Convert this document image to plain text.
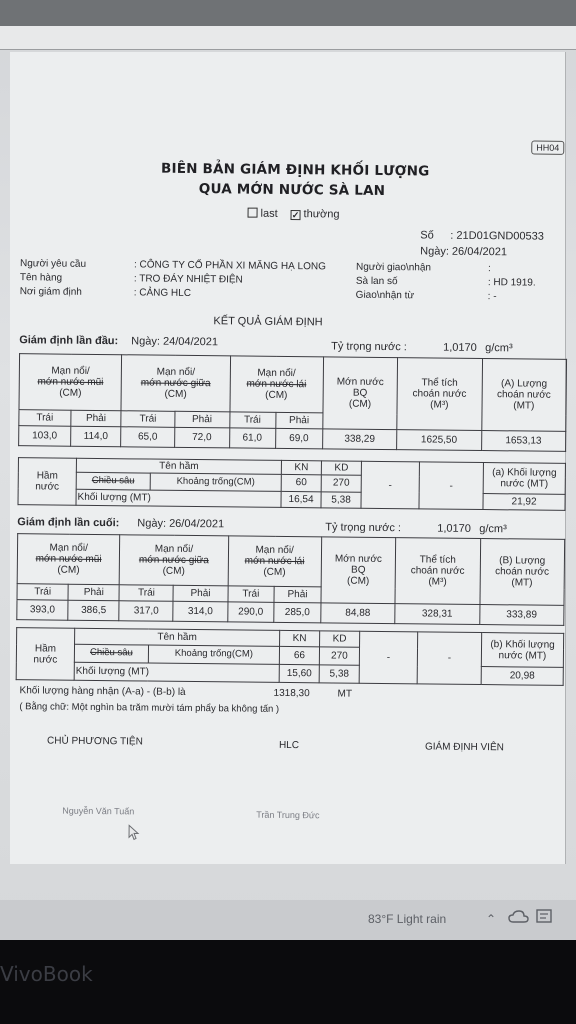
HH04
BIÊN BẢN GIÁM ĐỊNH KHỐI LƯỢNG
QUA MỚN NƯỚC SÀ LAN
last ✓ thường
Số : 21D01GND00533
Ngày: 26/04/2021
Người yêu cầu	: CÔNG TY CỔ PHẦN XI MĂNG HẠ LONG
Tên hàng	: TRO ĐÁY NHIỆT ĐIỆN
Nơi giám định	: CẢNG HLC
Người giao\nhận	:
Sà lan số	: HD 1919.
Giao\nhận từ	: -
KẾT QUẢ GIÁM ĐỊNH
Giám định lần đầu: Ngày: 24/04/2021	Tỷ trọng nước :	1,0170 g/cm³
Mạn nổi/
mớn nước mũi
(CM)		Mạn nổi/
mớn nước giữa
(CM)		Mạn nổi/
mớn nước lái
(CM)		Mớn nước
BQ
(CM)	Thể tích
choán nước
(M³)	(A) Lượng
choán nước
(MT)
Trái	Phải	Trái	Phải	Trái	Phải			
103,0	114,0	65,0	72,0	61,0	69,0	338,29	1625,50	1653,13
Hầm
nước	Tên hầm		KN	KD	-	-	(a) Khối lượng
nước (MT)
	Chiều sâu	Khoảng trống(CM)	60	270			
	Khối lượng (MT)		16,54	5,38			21,92
Giám định lần cuối: Ngày: 26/04/2021	Tỷ trọng nước :	1,0170 g/cm³
Mạn nổi/
mớn nước mũi
(CM)		Mạn nổi/
mớn nước giữa
(CM)		Mạn nổi/
mớn nước lái
(CM)		Mớn nước
BQ
(CM)	Thể tích
choán nước
(M³)	(B) Lượng
choán nước
(MT)
Trái	Phải	Trái	Phải	Trái	Phải			
393,0	386,5	317,0	314,0	290,0	285,0	84,88	328,31	333,89
Hầm
nước	Tên hầm		KN	KD	-	-	(b) Khối lượng
nước (MT)
	Chiều sâu	Khoảng trống(CM)	66	270			
	Khối lượng (MT)		15,60	5,38			20,98
Khối lượng hàng nhận (A-a) - (B-b) là	1318,30	MT
( Bằng chữ: Một nghìn ba trăm mười tám phẩy ba không tấn )
CHỦ PHƯƠNG TIỆN	HLC	GIÁM ĐỊNH VIÊN
Nguyễn Văn Tuấn	Trần Trung Đức
83°F Light rain	⌃
VivoBook
